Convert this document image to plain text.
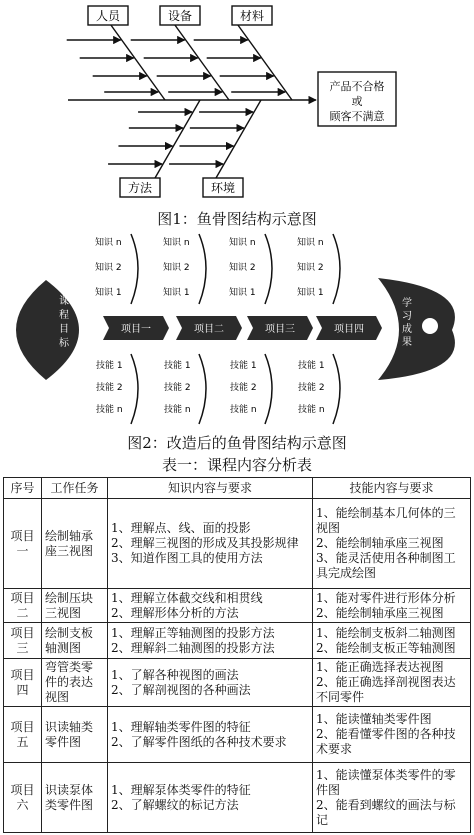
人员	设备	材料
方法	环境
产品不合格
或
顾客不满意
图1：鱼骨图结构示意图
课
程
目
标
学
习
成
果
项目一	项目二	项目三	项目四
知识 n
知识 2
知识 1
技能 1
技能 2
技能 n
知识 n
知识 2
知识 1
技能 1
技能 2
技能 n
知识 n
知识 2
知识 1
技能 1
技能 2
技能 n
知识 n
知识 2
知识 1
技能 1
技能 2
技能 n
图2：改造后的鱼骨图结构示意图
表一：课程内容分析表
序号	工作任务	知识内容与要求	技能内容与要求
项目一	绘制轴承座三视图	1、理解点、线、面的投影
2、理解三视图的形成及其投影规律
3、知道作图工具的使用方法	1、能绘制基本几何体的三视图
2、能绘制轴承座三视图
3、能灵活使用各种制图工具完成绘图

项目二	绘制压块三视图	1、理解立体截交线和相贯线
2、理解形体分析的方法	1、能对零件进行形体分析
2、能绘制轴承座三视图

项目三	绘制支板轴测图	1、理解正等轴测图的投影方法
2、理解斜二轴测图的投影方法	1、能绘制支板斜二轴测图
2、能绘制支板正等轴测图

项目四	弯管类零件的表达视图	1、了解各种视图的画法
2、了解剖视图的各种画法	1、能正确选择表达视图
2、能正确选择剖视图表达不同零件

项目五	识读轴类零件图	1、理解轴类零件图的特征
2、了解零件图纸的各种技术要求	1、能读懂轴类零件图
2、能看懂零件图的各种技术要求

项目六	识读泵体类零件图	1、理解泵体类零件的特征
2、了解螺纹的标记方法	1、能读懂泵体类零件的零件图
2、能看到螺纹的画法与标记
